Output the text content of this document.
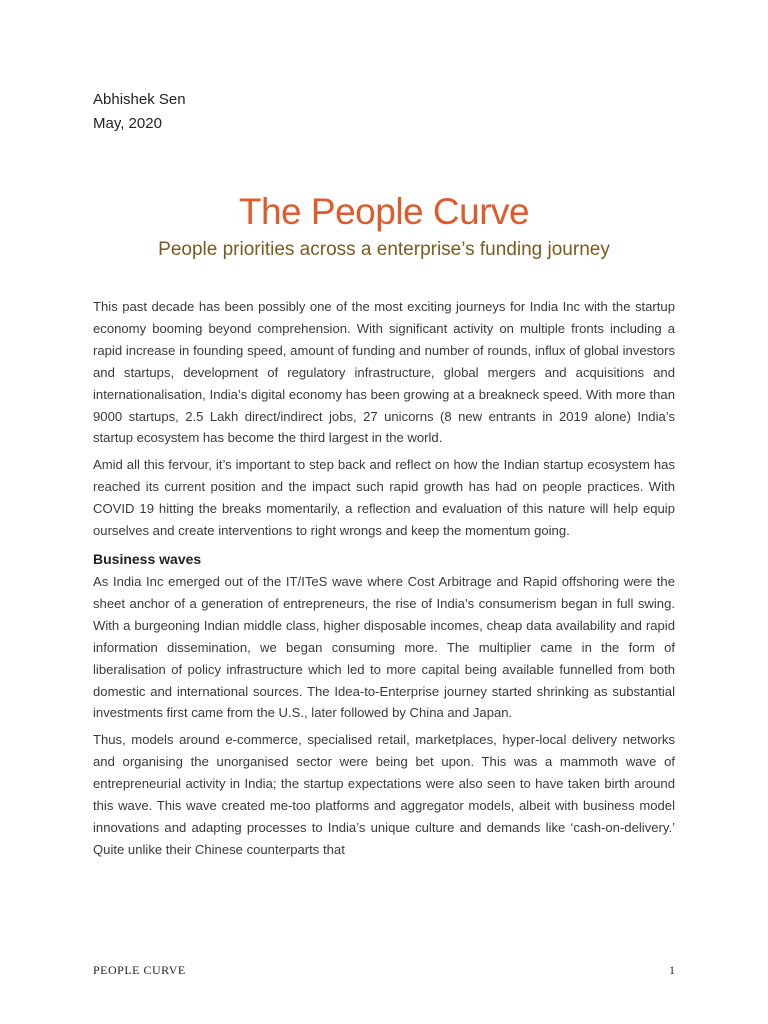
Abhishek Sen
May, 2020
The People Curve
People priorities across a enterprise’s funding journey

This past decade has been possibly one of the most exciting journeys for India Inc with the startup economy booming beyond comprehension. With significant activity on multiple fronts including a rapid increase in founding speed, amount of funding and number of rounds, influx of global investors and startups, development of regulatory infrastructure, global mergers and acquisitions and internationalisation, India’s digital economy has been growing at a breakneck speed. With more than 9000 startups, 2.5 Lakh direct/indirect jobs, 27 unicorns (8 new entrants in 2019 alone) India’s startup ecosystem has become the third largest in the world.

Amid all this fervour, it’s important to step back and reflect on how the Indian startup ecosystem has reached its current position and the impact such rapid growth has had on people practices. With COVID 19 hitting the breaks momentarily, a reflection and evaluation of this nature will help equip ourselves and create interventions to right wrongs and keep the momentum going.

Business waves

As India Inc emerged out of the IT/ITeS wave where Cost Arbitrage and Rapid offshoring were the sheet anchor of a generation of entrepreneurs, the rise of India’s consumerism began in full swing. With a burgeoning Indian middle class, higher disposable incomes, cheap data availability and rapid information dissemination, we began consuming more. The multiplier came in the form of liberalisation of policy infrastructure which led to more capital being available funnelled from both domestic and international sources. The Idea-to-Enterprise journey started shrinking as substantial investments first came from the U.S., later followed by China and Japan.

Thus, models around e-commerce, specialised retail, marketplaces, hyper-local delivery networks and organising the unorganised sector were being bet upon. This was a mammoth wave of entrepreneurial activity in India; the startup expectations were also seen to have taken birth around this wave. This wave created me-too platforms and aggregator models, albeit with business model innovations and adapting processes to India’s unique culture and demands like ‘cash-on-delivery.’ Quite unlike their Chinese counterparts that

PEOPLE CURVE	1
